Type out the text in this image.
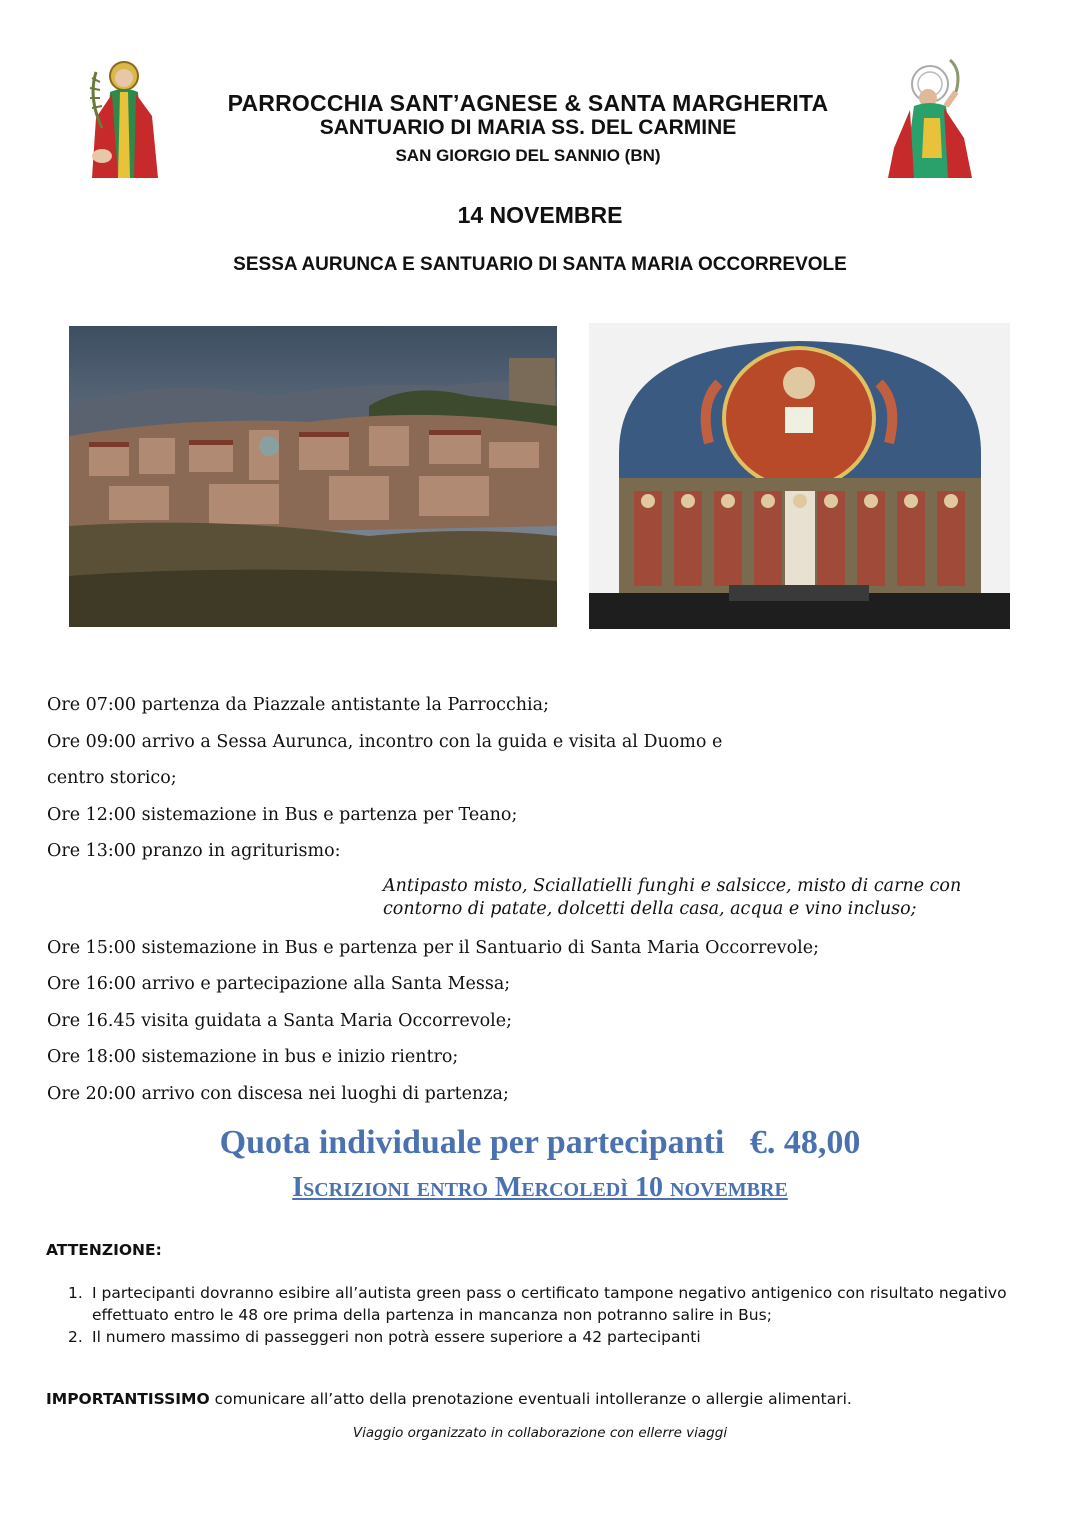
PARROCCHIA SANT’AGNESE & SANTA MARGHERITA
SANTUARIO DI MARIA SS. DEL CARMINE
SAN GIORGIO DEL SANNIO (BN)
14 NOVEMBRE
SESSA AURUNCA E SANTUARIO DI SANTA MARIA OCCORREVOLE
Ore 07:00 partenza da Piazzale antistante la Parrocchia;
Ore 09:00 arrivo a Sessa Aurunca, incontro con la guida e visita al Duomo e
centro storico;
Ore 12:00 sistemazione in Bus e partenza per Teano;
Ore 13:00 pranzo in agriturismo:
Antipasto misto, Sciallatielli funghi e salsicce, misto di carne con contorno di patate, dolcetti della casa, acqua e vino incluso;
Ore 15:00 sistemazione in Bus e partenza per il Santuario di Santa Maria Occorrevole;
Ore 16:00 arrivo e partecipazione alla Santa Messa;
Ore 16.45 visita guidata a Santa Maria Occorrevole;
Ore 18:00 sistemazione in bus e inizio rientro;
Ore 20:00 arrivo con discesa nei luoghi di partenza;
Quota individuale per partecipanti   €. 48,00
Iscrizioni entro Mercoledì 10 novembre
ATTENZIONE:
1. I partecipanti dovranno esibire all’autista green pass o certificato tampone negativo antigenico con risultato negativo effettuato entro le 48 ore prima della partenza in mancanza non potranno salire in Bus;
2. Il numero massimo di passeggeri non potrà essere superiore a 42 partecipanti
IMPORTANTISSIMO comunicare all’atto della prenotazione eventuali intolleranze o allergie alimentari.
Viaggio organizzato in collaborazione con ellerre viaggi
